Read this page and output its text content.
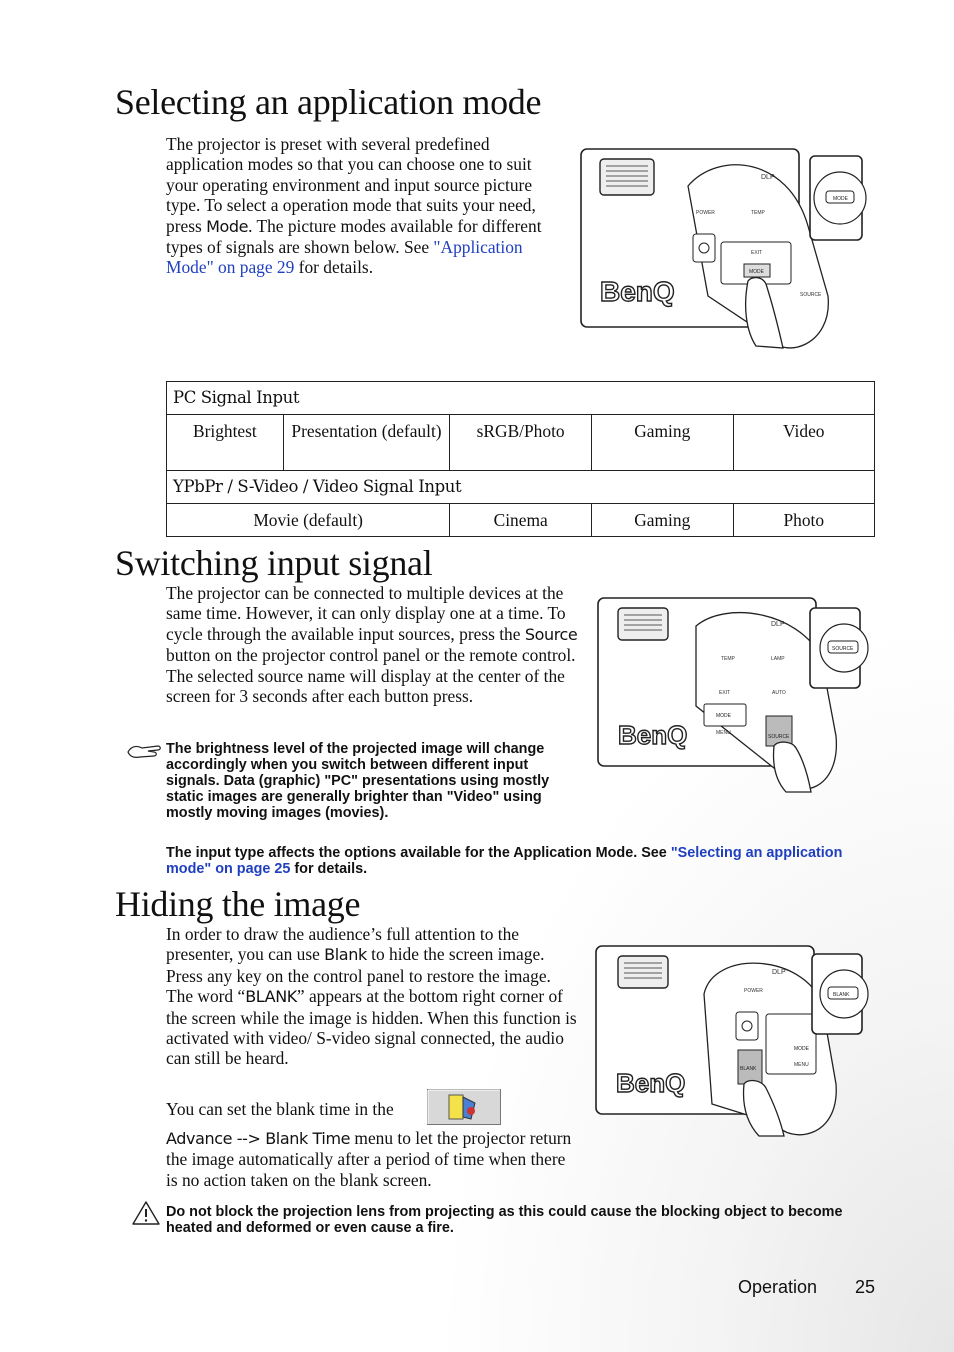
Selecting an application mode

The projector is preset with several predefined application modes so that you can choose one to suit your operating environment and input source picture type. To select a operation mode that suits your need, press Mode. The picture modes available for different types of signals are shown below. See "Application Mode" on page 29 for details.

BenQ
DLP
POWER	TEMP
EXIT
MODE
SOURCE
MODE
PC Signal Input				
Brightest	Presentation (default)	sRGB/Photo	Gaming	Video
YPbPr / S-Video / Video Signal Input				
Movie (default)		Cinema	Gaming	Photo
Switching input signal

The projector can be connected to multiple devices at the same time. However, it can only display one at a time. To cycle through the available input sources, press the Source button on the projector control panel or the remote control. The selected source name will display at the center of the screen for 3 seconds after each button press.

BenQ
DLP
TEMP	LAMP
EXIT
MODE
MENU
AUTO
SOURCE
SOURCE

The brightness level of the projected image will change accordingly when you switch between different input signals. Data (graphic) "PC" presentations using mostly static images are generally brighter than "Video" using mostly moving images (movies).

The input type affects the options available for the Application Mode. See "Selecting an application mode" on page 25 for details.

Hiding the image

In order to draw the audience’s full attention to the presenter, you can use Blank to hide the screen image. Press any key on the control panel to restore the image. The word “BLANK” appears at the bottom right corner of the screen while the image is hidden. When this function is activated with video/ S-video signal connected, the audio can still be heard.

You can set the blank time in the

Advance --> Blank Time menu to let the projector return the image automatically after a period of time when there is no action taken on the blank screen.

BenQ
DLP
POWER
MODE
MENU
BLANK
BLANK

Do not block the projection lens from projecting as this could cause the blocking object to become heated and deformed or even cause a fire.

Operation 25
